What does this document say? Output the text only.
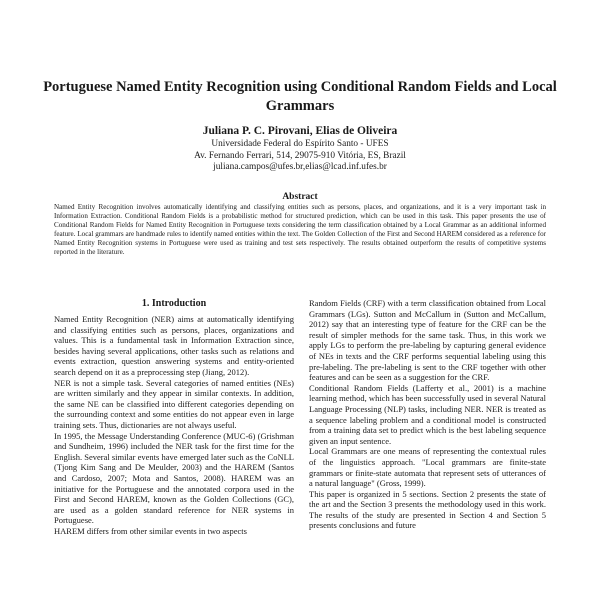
Portuguese Named Entity Recognition using Conditional Random Fields and Local Grammars
Juliana P. C. Pirovani, Elias de Oliveira
Universidade Federal do Espírito Santo - UFES
Av. Fernando Ferrari, 514, 29075-910 Vitória, ES, Brazil
juliana.campos@ufes.br,elias@lcad.inf.ufes.br
Abstract
Named Entity Recognition involves automatically identifying and classifying entities such as persons, places, and organizations, and it is a very important task in Information Extraction. Conditional Random Fields is a probabilistic method for structured prediction, which can be used in this task. This paper presents the use of Conditional Random Fields for Named Entity Recognition in Portuguese texts considering the term classification obtained by a Local Grammar as an additional informed feature. Local grammars are handmade rules to identify named entities within the text. The Golden Collection of the First and Second HAREM considered as a reference for Named Entity Recognition systems in Portuguese were used as training and test sets respectively. The results obtained outperform the results of competitive systems reported in the literature.
1. Introduction

Named Entity Recognition (NER) aims at automatically identifying and classifying entities such as persons, places, organizations and values. This is a fundamental task in Information Extraction since, besides having several applications, other tasks such as relations and events extraction, question answering systems and entity-oriented search depend on it as a preprocessing step (Jiang, 2012).

NER is not a simple task. Several categories of named entities (NEs) are written similarly and they appear in similar contexts. In addition, the same NE can be classified into different categories depending on the surrounding context and some entities do not appear even in large training sets. Thus, dictionaries are not always useful.

In 1995, the Message Understanding Conference (MUC-6) (Grishman and Sundheim, 1996) included the NER task for the first time for the English. Several similar events have emerged later such as the CoNLL (Tjong Kim Sang and De Meulder, 2003) and the HAREM (Santos and Cardoso, 2007; Mota and Santos, 2008). HAREM was an initiative for the Portuguese and the annotated corpora used in the First and Second HAREM, known as the Golden Collections (GC), are used as a golden standard reference for NER systems in Portuguese.

HAREM differs from other similar events in two aspects

Random Fields (CRF) with a term classification obtained from Local Grammars (LGs). Sutton and McCallum in (Sutton and McCallum, 2012) say that an interesting type of feature for the CRF can be the result of simpler methods for the same task. Thus, in this work we apply LGs to perform the pre-labeling by capturing general evidence of NEs in texts and the CRF performs sequential labeling using this pre-labeling. The pre-labeling is sent to the CRF together with other features and can be seen as a suggestion for the CRF.

Conditional Random Fields (Lafferty et al., 2001) is a machine learning method, which has been successfully used in several Natural Language Processing (NLP) tasks, including NER. NER is treated as a sequence labeling problem and a conditional model is constructed from a training data set to predict which is the best labeling sequence given an input sentence.

Local Grammars are one means of representing the contextual rules of the linguistics approach. "Local grammars are finite-state grammars or finite-state automata that represent sets of utterances of a natural language" (Gross, 1999).

This paper is organized in 5 sections. Section 2 presents the state of the art and the Section 3 presents the methodology used in this work. The results of the study are presented in Section 4 and Section 5 presents conclusions and future
